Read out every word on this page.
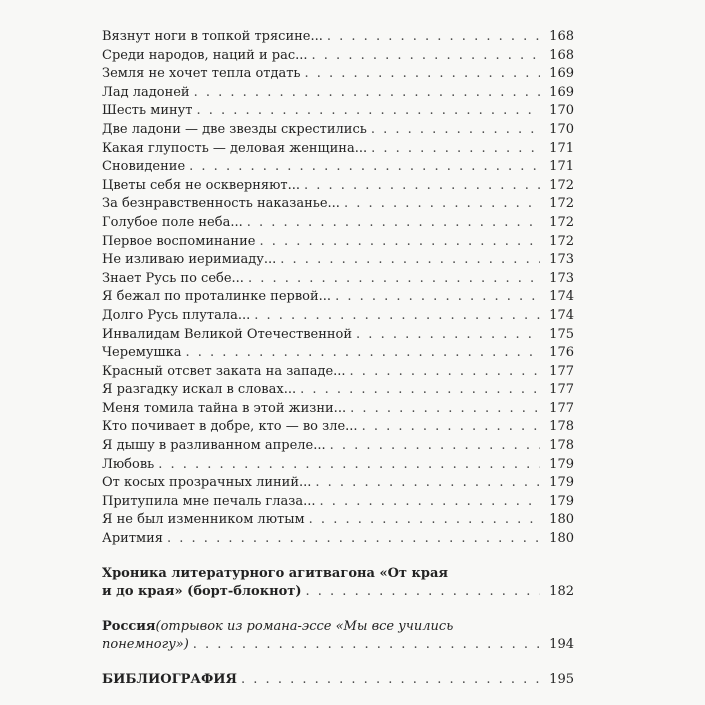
Вязнут ноги в топкой трясине... . . .	168
Среди народов, наций и рас... . . .	168
Земля не хочет тепла отдать . . .	169
Лад ладоней . . .	169
Шесть минут . . .	170
Две ладони — две звезды скрестились . . .	170
Какая глупость — деловая женщина... . . .	171
Сновидение . . .	171
Цветы себя не оскверняют... . . .	172
За безнравственность наказанье... . . .	172
Голубое поле неба... . . .	172
Первое воспоминание . . .	172
Не изливаю иеримиаду... . . .	173
Знает Русь по себе... . . .	173
Я бежал по проталинке первой... . . .	174
Долго Русь плутала... . . .	174
Инвалидам Великой Отечественной . . .	175
Черемушка . . .	176
Красный отсвет заката на западе... . . .	177
Я разгадку искал в словах... . . .	177
Меня томила тайна в этой жизни... . . .	177
Кто почивает в добре, кто — во зле... . . .	178
Я дышу в разливанном апреле... . . .	178
Любовь . . .	179
От косых прозрачных линий... . . .	179
Притупила мне печаль глаза... . . .	179
Я не был изменником лютым . . .	180
Аритмия . . .	180
Хроника литературного агитвагона «От края
и до края» (борт-блокнот) . . .	182
Россия (отрывок из романа-эссе «Мы все учились
понемногу») . . .	194
БИБЛИОГРАФИЯ . . .	195
